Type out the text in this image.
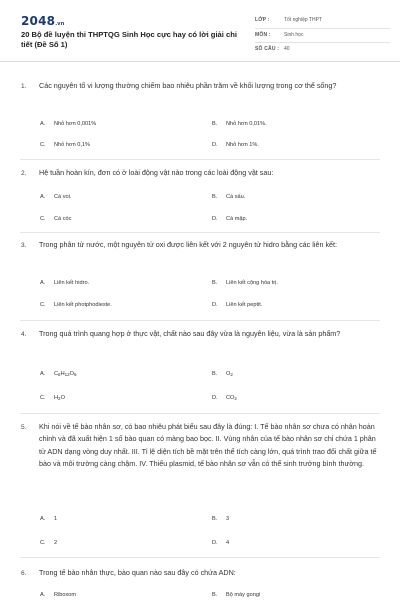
2048.vn
20 Bộ đề luyện thi THPTQG Sinh Học cực hay có lời giải chi tiết (Đề Số 1)
LỚP :	Tốt nghiệp THPT
MÔN :	Sinh học
SỐ CÂU : 40
1. Các nguyên tố vi lượng thường chiếm bao nhiêu phần trăm về khối lượng trong cơ thể sống?
A. Nhỏ hơn 0,001%	B. Nhỏ hơn 0,01%.
C. Nhỏ hơn 0,1%	D. Nhỏ hơn 1%.
2. Hệ tuần hoàn kín, đơn có ở loài động vật nào trong các loài động vật sau:
A. Cá voi.	B. Cá sấu.
C. Cá cóc	D. Cá mập.
3. Trong phân tử nước, một nguyên tử oxi được liên kết với 2 nguyên tử hidro bằng các liên kết:
A. Liên kết hidro.	B. Liên kết cộng hóa trị.
C. Liên kết photphodieste.	D. Liên kết peptit.
4. Trong quá trình quang hợp ở thực vật, chất nào sau đây vừa là nguyên liệu, vừa là sản phẩm?
A. $C_6H_{12}O_6$	B. $O_2$
C. $H_2O$	D. $CO_2$
5. Khi nói về tế bào nhân sơ, có bao nhiêu phát biểu sau đây là đúng: I. Tế bào nhân sơ chưa có nhân hoàn chỉnh và đã xuất hiện 1 số bào quan có màng bao bọc. II. Vùng nhân của tế bào nhân sơ chỉ chứa 1 phân tử ADN dạng vòng duy nhất. III. Tỉ lệ diện tích bề mặt trên thể tích càng lớn, quá trình trao đổi chất giữa tế bào và môi trường càng chậm. IV. Thiếu plasmid, tế bào nhân sơ vẫn có thể sinh trưởng bình thường.
A. 1	B. 3
C. 2	D. 4
6. Trong tế bào nhân thực, bào quan nào sau đây có chứa ADN:
A. Riboxom	B. Bộ máy gongi
